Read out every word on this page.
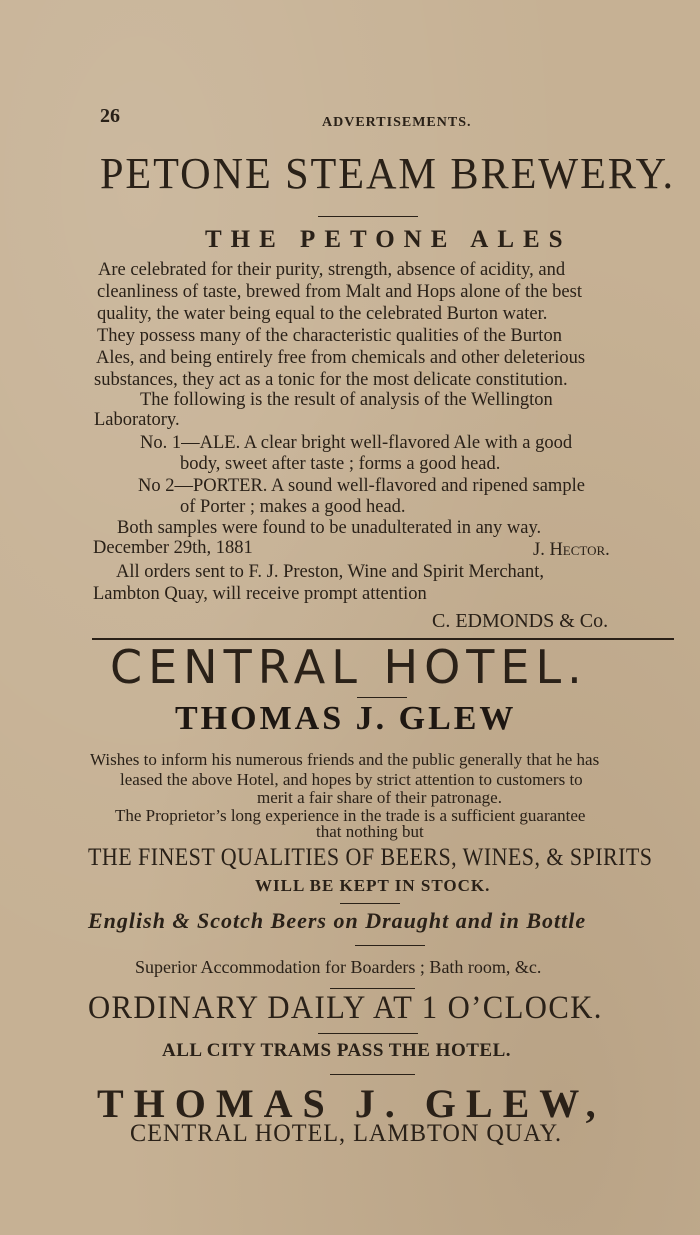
26	ADVERTISEMENTS.
PETONE STEAM BREWERY.
THE PETONE ALES
Are celebrated for their purity, strength, absence of acidity, and
cleanliness of taste, brewed from Malt and Hops alone of the best
quality, the water being equal to the celebrated Burton water.
They possess many of the characteristic qualities of the Burton
Ales, and being entirely free from chemicals and other deleterious
substances, they act as a tonic for the most delicate constitution.
The following is the result of analysis of the Wellington
Laboratory.
No. 1—ALE. A clear bright well-flavored Ale with a good
body, sweet after taste ; forms a good head.
No 2—PORTER. A sound well-flavored and ripened sample
of Porter ; makes a good head.
Both samples were found to be unadulterated in any way.
December 29th, 1881	J. Hector.
All orders sent to F. J. Preston, Wine and Spirit Merchant,
Lambton Quay, will receive prompt attention
C. EDMONDS & Co.
CENTRAL HOTEL.
THOMAS J. GLEW
Wishes to inform his numerous friends and the public generally that he has
leased the above Hotel, and hopes by strict attention to customers to
merit a fair share of their patronage.
The Proprietor’s long experience in the trade is a sufficient guarantee
that nothing but
THE FINEST QUALITIES OF BEERS, WINES, & SPIRITS
WILL BE KEPT IN STOCK.
English & Scotch Beers on Draught and in Bottle
Superior Accommodation for Boarders ; Bath room, &c.
ORDINARY DAILY AT 1 O’CLOCK.
ALL CITY TRAMS PASS THE HOTEL.
THOMAS J. GLEW,
CENTRAL HOTEL, LAMBTON QUAY.
